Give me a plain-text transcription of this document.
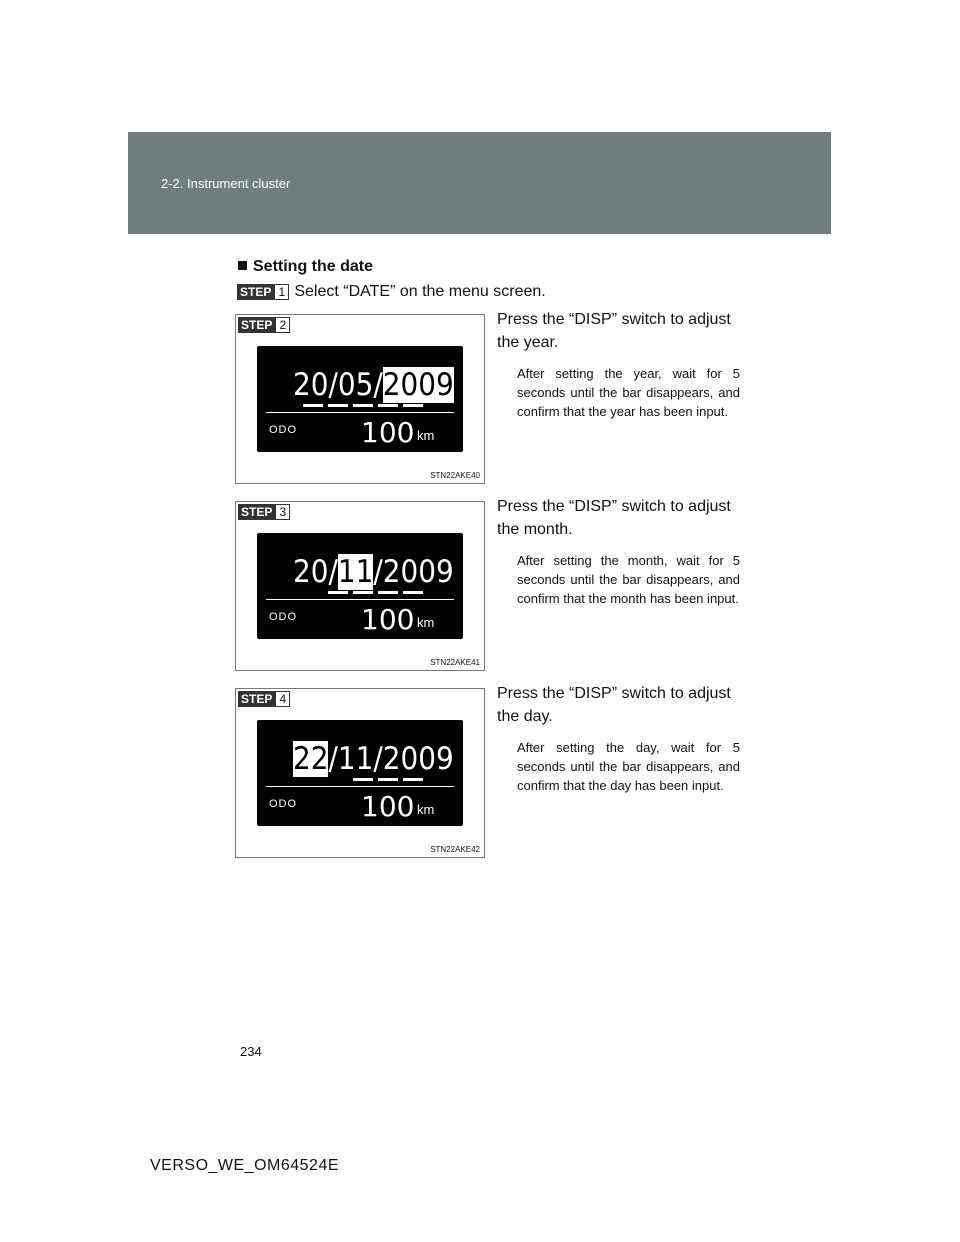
2-2. Instrument cluster
Setting the date
STEP 1 Select “DATE” on the menu screen.
STEP 2
20/05/2009
ODO 100 km
STN22AKE40
Press the “DISP” switch to adjust the year.
After setting the year, wait for 5 seconds until the bar disappears, and confirm that the year has been input.
STEP 3
20/11/2009
ODO 100 km
STN22AKE41
Press the “DISP” switch to adjust the month.
After setting the month, wait for 5 seconds until the bar disappears, and confirm that the month has been input.
STEP 4
22/11/2009
ODO 100 km
STN22AKE42
Press the “DISP” switch to adjust the day.
After setting the day, wait for 5 seconds until the bar disappears, and confirm that the day has been input.
234
VERSO_WE_OM64524E
